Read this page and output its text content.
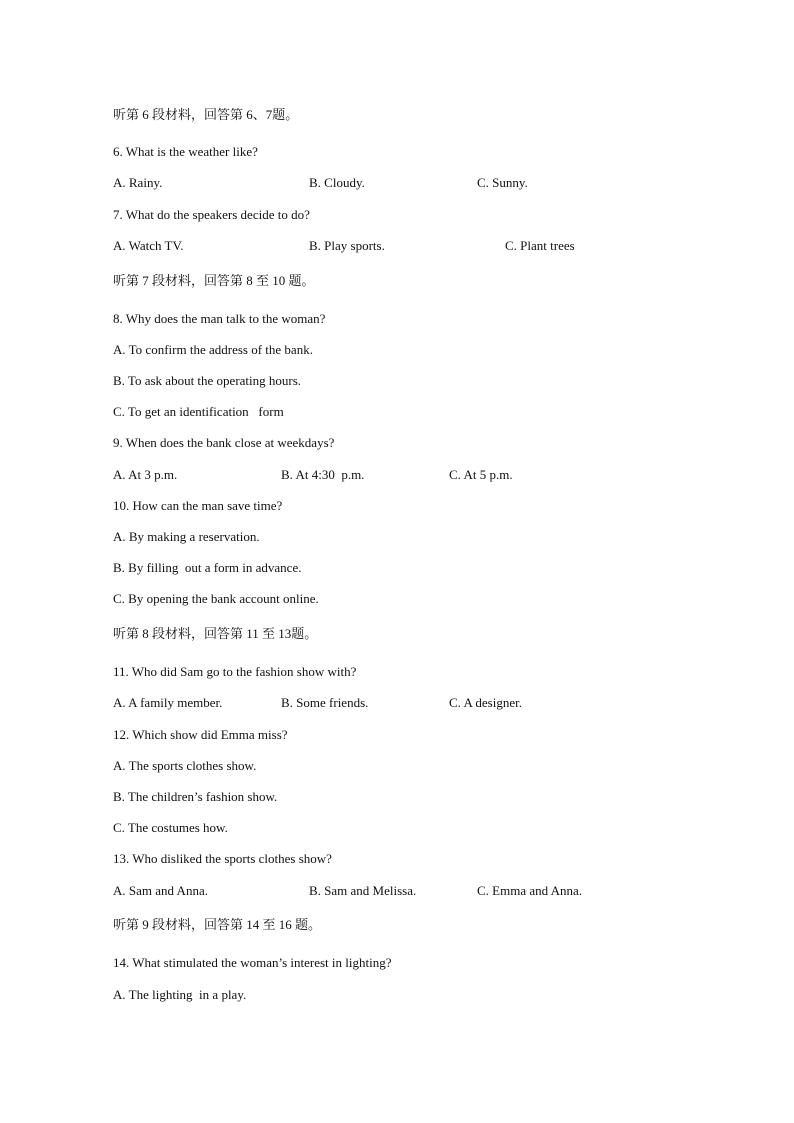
听第 6 段材料，回答第 6、7题。
6. What is the weather like?
A. Rainy.	B. Cloudy.	C. Sunny.
7. What do the speakers decide to do?
A. Watch TV.	B. Play sports.	C. Plant trees
听第 7 段材料，回答第 8 至 10 题。
8. Why does the man talk to the woman?
A. To confirm the address of the bank.
B. To ask about the operating hours.
C. To get an identification   form
9. When does the bank close at weekdays?
A. At 3 p.m.	B. At 4:30  p.m.	C. At 5 p.m.
10. How can the man save time?
A. By making a reservation.
B. By filling  out a form in advance.
C. By opening the bank account online.
听第 8 段材料，回答第 11 至 13题。
11. Who did Sam go to the fashion show with?
A. A family member.	B. Some friends.	C. A designer.
12. Which show did Emma miss?
A. The sports clothes show.
B. The children’s fashion show.
C. The costumes how.
13. Who disliked the sports clothes show?
A. Sam and Anna.	B. Sam and Melissa.	C. Emma and Anna.
听第 9 段材料，回答第 14 至 16 题。
14. What stimulated the woman’s interest in lighting?
A. The lighting  in a play.
